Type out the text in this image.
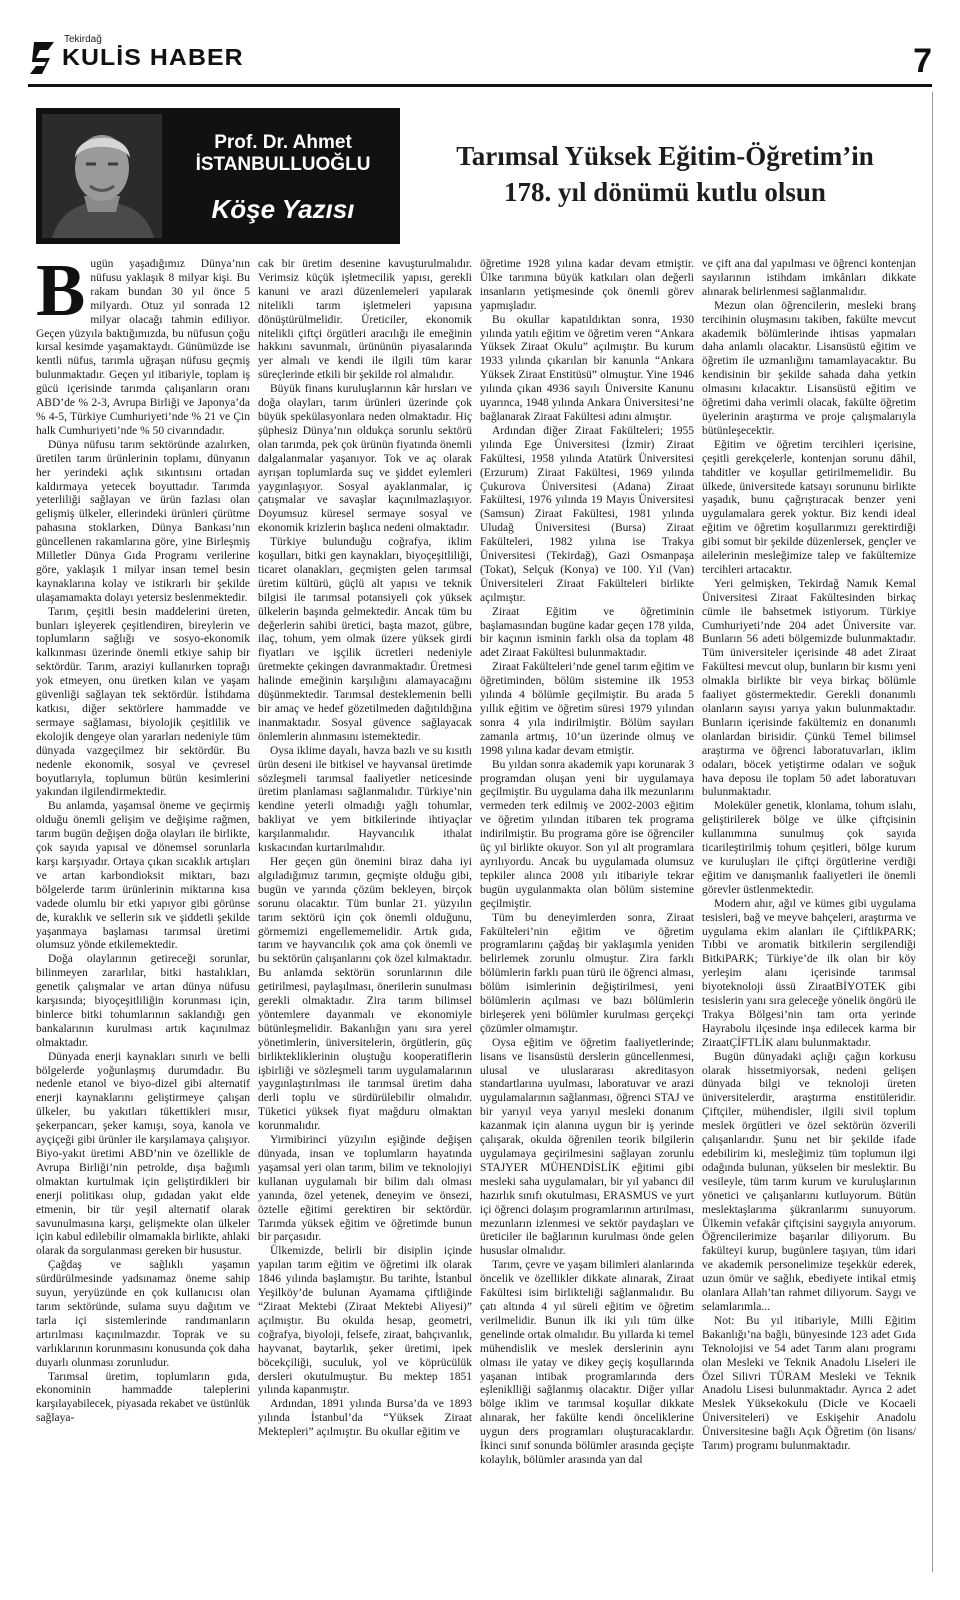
Tekirdağ
KULİS HABER	7
Prof. Dr. Ahmet
İSTANBULLUOĞLU
Köşe Yazısı
Tarımsal Yüksek Eğitim-Öğretim’in
178. yıl dönümü kutlu olsun

Bugün yaşadığımız Dünya’nın nüfusu yaklaşık 8 milyar kişi. Bu rakam bundan 30 yıl önce 5 milyardı. Otuz yıl sonrada 12 milyar olacağı tahmin ediliyor. Geçen yüzyıla baktığımızda, bu nüfusun çoğu kırsal kesimde yaşamaktaydı. Günümüzde ise kentli nüfus, tarımla uğraşan nüfusu geçmiş bulunmaktadır. Geçen yıl itibariyle, toplam iş gücü içerisinde tarımda çalışanların oranı ABD’de % 2-3, Avrupa Birliği ve Japonya’da % 4-5, Türkiye Cumhuriyeti’nde % 21 ve Çin halk Cumhuriyeti’nde % 50 civarındadır.

Dünya nüfusu tarım sektöründe azalırken, üretilen tarım ürünlerinin toplamı, dünyanın her yerindeki açlık sıkıntısını ortadan kaldırmaya yetecek boyuttadır. Tarımda yeterliliği sağlayan ve ürün fazlası olan gelişmiş ülkeler, ellerindeki ürünleri çürütme pahasına stoklarken, Dünya Bankası’nın güncellenen rakamlarına göre, yine Birleşmiş Milletler Dünya Gıda Programı verilerine göre, yaklaşık 1 milyar insan temel besin kaynaklarına kolay ve istikrarlı bir şekilde ulaşamamakta dolayı yetersiz beslenmektedir.

Tarım, çeşitli besin maddelerini üreten, bunları işleyerek çeşitlendiren, bireylerin ve toplumların sağlığı ve sosyo-ekonomik kalkınması üzerinde önemli etkiye sahip bir sektördür. Tarım, araziyi kullanırken toprağı yok etmeyen, onu üretken kılan ve yaşam güvenliği sağlayan tek sektördür. İstihdama katkısı, diğer sektörlere hammadde ve sermaye sağlaması, biyolojik çeşitlilik ve ekolojik dengeye olan yararları nedeniyle tüm dünyada vazgeçilmez bir sektördür. Bu nedenle ekonomik, sosyal ve çevresel boyutlarıyla, toplumun bütün kesimlerini yakından ilgilendirmektedir.

Bu anlamda, yaşamsal öneme ve geçirmiş olduğu önemli gelişim ve değişime rağmen, tarım bugün değişen doğa olayları ile birlikte, çok sayıda yapısal ve dönemsel sorunlarla karşı karşıyadır. Ortaya çıkan sıcaklık artışları ve artan karbondioksit miktarı, bazı bölgelerde tarım ürünlerinin miktarına kısa vadede olumlu bir etki yapıyor gibi görünse de, kuraklık ve sellerin sık ve şiddetli şekilde yaşanmaya başlaması tarımsal üretimi olumsuz yönde etkilemektedir.

Doğa olaylarının getireceği sorunlar, bilinmeyen zararlılar, bitki hastalıkları, genetik çalışmalar ve artan dünya nüfusu karşısında; biyoçeşitliliğin korunması için, binlerce bitki tohumlarının saklandığı gen bankalarının kurulması artık kaçınılmaz olmaktadır.

Dünyada enerji kaynakları sınırlı ve belli bölgelerde yoğunlaşmış durumdadır. Bu nedenle etanol ve biyo-dizel gibi alternatif enerji kaynaklarını geliştirmeye çalışan ülkeler, bu yakıtları tükettikleri mısır, şekerpancarı, şeker kamışı, soya, kanola ve ayçiçeği gibi ürünler ile karşılamaya çalışıyor. Biyo-yakıt üretimi ABD’nin ve özellikle de Avrupa Birliği’nin petrolde, dışa bağımlı olmaktan kurtulmak için geliştirdikleri bir enerji politikası olup, gıdadan yakıt elde etmenin, bir tür yeşil alternatif olarak savunulmasına karşı, gelişmekte olan ülkeler için kabul edilebilir olmamakla birlikte, ahlaki olarak da sorgulanması gereken bir husustur.

Çağdaş ve sağlıklı yaşamın sürdürülmesinde yadsınamaz öneme sahip suyun, yeryüzünde en çok kullanıcısı olan tarım sektöründe, sulama suyu dağıtım ve tarla içi sistemlerinde randımanların artırılması kaçınılmazdır. Toprak ve su varlıklarının korunmasını konusunda çok daha duyarlı olunması zorunludur.

Tarımsal üretim, toplumların gıda, ekonominin hammadde taleplerini karşılayabilecek, piyasada rekabet ve üstünlük sağlaya-

cak bir üretim desenine kavuşturulmalıdır. Verimsiz küçük işletmecilik yapısı, gerekli kanuni ve arazi düzenlemeleri yapılarak nitelikli tarım işletmeleri yapısına dönüştürülmelidir. Üreticiler, ekonomik nitelikli çiftçi örgütleri aracılığı ile emeğinin hakkını savunmalı, ürününün piyasalarında yer almalı ve kendi ile ilgili tüm karar süreçlerinde etkili bir şekilde rol almalıdır.

Büyük finans kuruluşlarının kâr hırsları ve doğa olayları, tarım ürünleri üzerinde çok büyük spekülasyonlara neden olmaktadır. Hiç şüphesiz Dünya’nın oldukça sorunlu sektörü olan tarımda, pek çok ürünün fiyatında önemli dalgalanmalar yaşanıyor. Tok ve aç olarak ayrışan toplumlarda suç ve şiddet eylemleri yaygınlaşıyor. Sosyal ayaklanmalar, iç çatışmalar ve savaşlar kaçınılmazlaşıyor. Doyumsuz küresel sermaye sosyal ve ekonomik krizlerin başlıca nedeni olmaktadır.

Türkiye bulunduğu coğrafya, iklim koşulları, bitki gen kaynakları, biyoçeşitliliği, ticaret olanakları, geçmişten gelen tarımsal üretim kültürü, güçlü alt yapısı ve teknik bilgisi ile tarımsal potansiyeli çok yüksek ülkelerin başında gelmektedir. Ancak tüm bu değerlerin sahibi üretici, başta mazot, gübre, ilaç, tohum, yem olmak üzere yüksek girdi fiyatları ve işçilik ücretleri nedeniyle üretmekte çekingen davranmaktadır. Üretmesi halinde emeğinin karşılığını alamayacağını düşünmektedir. Tarımsal desteklemenin belli bir amaç ve hedef gözetilmeden dağıtıldığına inanmaktadır. Sosyal güvence sağlayacak önlemlerin alınmasını istemektedir.

Oysa iklime dayalı, havza bazlı ve su kısıtlı ürün deseni ile bitkisel ve hayvansal üretimde sözleşmeli tarımsal faaliyetler neticesinde üretim planlaması sağlanmalıdır. Türkiye’nin kendine yeterli olmadığı yağlı tohumlar, bakliyat ve yem bitkilerinde ihtiyaçlar karşılanmalıdır. Hayvancılık ithalat kıskacından kurtarılmalıdır.

Her geçen gün önemini biraz daha iyi algıladığımız tarımın, geçmişte olduğu gibi, bugün ve yarında çözüm bekleyen, birçok sorunu olacaktır. Tüm bunlar 21. yüzyılın tarım sektörü için çok önemli olduğunu, görmemizi engellememelidir. Artık gıda, tarım ve hayvancılık çok ama çok önemli ve bu sektörün çalışanlarını çok özel kılmaktadır. Bu anlamda sektörün sorunlarının dile getirilmesi, paylaşılması, önerilerin sunulması gerekli olmaktadır. Zira tarım bilimsel yöntemlere dayanmalı ve ekonomiyle bütünleşmelidir. Bakanlığın yanı sıra yerel yönetimlerin, üniversitelerin, örgütlerin, güç birliktekliklerinin oluştuğu kooperatiflerin işbirliği ve sözleşmeli tarım uygulamalarının yaygınlaştırılması ile tarımsal üretim daha derli toplu ve sürdürülebilir olmalıdır. Tüketici yüksek fiyat mağduru olmaktan korunmalıdır.

Yirmibirinci yüzyılın eşiğinde değişen dünyada, insan ve toplumların hayatında yaşamsal yeri olan tarım, bilim ve teknolojiyi kullanan uygulamalı bir bilim dalı olması yanında, özel yetenek, deneyim ve önsezi, öztelle eğitimi gerektiren bir sektördür. Tarımda yüksek eğitim ve öğretimde bunun bir parçasıdır.

Ülkemizde, belirli bir disiplin içinde yapılan tarım eğitim ve öğretimi ilk olarak 1846 yılında başlamıştır. Bu tarihte, İstanbul Yeşilköy’de bulunan Ayamama çiftliğinde “Ziraat Mektebi (Ziraat Mektebi Aliyesi)” açılmıştır. Bu okulda hesap, geometri, coğrafya, biyoloji, felsefe, ziraat, bahçıvanlık, hayvanat, baytarlık, şeker üretimi, ipek böcekçiliği, suculuk, yol ve köprücülük dersleri okutulmuştur. Bu mektep 1851 yılında kapanmıştır.

Ardından, 1891 yılında Bursa’da ve 1893 yılında İstanbul’da “Yüksek Ziraat Mektepleri” açılmıştır. Bu okullar eğitim ve

öğretime 1928 yılına kadar devam etmiştir. Ülke tarımına büyük katkıları olan değerli insanların yetişmesinde çok önemli görev yapmışladır.

Bu okullar kapatıldıktan sonra, 1930 yılında yatılı eğitim ve öğretim veren “Ankara Yüksek Ziraat Okulu” açılmıştır. Bu kurum 1933 yılında çıkarılan bir kanunla “Ankara Yüksek Ziraat Enstitüsü” olmuştur. Yine 1946 yılında çıkan 4936 sayılı Üniversite Kanunu uyarınca, 1948 yılında Ankara Üniversitesi’ne bağlanarak Ziraat Fakültesi adını almıştır.

Ardından diğer Ziraat Fakülteleri; 1955 yılında Ege Üniversitesi (İzmir) Ziraat Fakültesi, 1958 yılında Atatürk Üniversitesi (Erzurum) Ziraat Fakültesi, 1969 yılında Çukurova Üniversitesi (Adana) Ziraat Fakültesi, 1976 yılında 19 Mayıs Üniversitesi (Samsun) Ziraat Fakültesi, 1981 yılında Uludağ Üniversitesi (Bursa) Ziraat Fakülteleri, 1982 yılına ise Trakya Üniversitesi (Tekirdağ), Gazi Osmanpaşa (Tokat), Selçuk (Konya) ve 100. Yıl (Van) Üniversiteleri Ziraat Fakülteleri birlikte açılmıştır.

Ziraat Eğitim ve öğretiminin başlamasından bugüne kadar geçen 178 yılda, bir kaçının isminin farklı olsa da toplam 48 adet Ziraat Fakültesi bulunmaktadır.

Ziraat Fakülteleri’nde genel tarım eğitim ve öğretiminden, bölüm sistemine ilk 1953 yılında 4 bölümle geçilmiştir. Bu arada 5 yıllık eğitim ve öğretim süresi 1979 yılından sonra 4 yıla indirilmiştir. Bölüm sayıları zamanla artmış, 10’un üzerinde olmuş ve 1998 yılına kadar devam etmiştir.

Bu yıldan sonra akademik yapı korunarak 3 programdan oluşan yeni bir uygulamaya geçilmiştir. Bu uygulama daha ilk mezunlarını vermeden terk edilmiş ve 2002-2003 eğitim ve öğretim yılından itibaren tek programa indirilmiştir. Bu programa göre ise öğrenciler üç yıl birlikte okuyor. Son yıl alt programlara ayrılıyordu. Ancak bu uygulamada olumsuz tepkiler alınca 2008 yılı itibariyle tekrar bugün uygulanmakta olan bölüm sistemine geçilmiştir.

Tüm bu deneyimlerden sonra, Ziraat Fakülteleri’nin eğitim ve öğretim programlarını çağdaş bir yaklaşımla yeniden belirlemek zorunlu olmuştur. Zira farklı bölümlerin farklı puan türü ile öğrenci alması, bölüm isimlerinin değiştirilmesi, yeni bölümlerin açılması ve bazı bölümlerin birleşerek yeni bölümler kurulması gerçekçi çözümler olmamıştır.

Oysa eğitim ve öğretim faaliyetlerinde; lisans ve lisansüstü derslerin güncellenmesi, ulusal ve uluslararası akreditasyon standartlarına uyulması, laboratuvar ve arazi uygulamalarının sağlanması, öğrenci STAJ ve bir yarıyıl veya yarıyıl mesleki donanım kazanmak için alanına uygun bir iş yerinde çalışarak, okulda öğrenilen teorik bilgilerin uygulamaya geçirilmesini sağlayan zorunlu STAJYER MÜHENDİSLİK eğitimi gibi mesleki saha uygulamaları, bir yıl yabancı dil hazırlık sınıfı okutulması, ERASMUS ve yurt içi öğrenci dolaşım programlarının artırılması, mezunların izlenmesi ve sektör paydaşları ve üreticiler ile bağlarının kurulması önde gelen hususlar olmalıdır.

Tarım, çevre ve yaşam bilimleri alanlarında öncelik ve özellikler dikkate alınarak, Ziraat Fakültesi isim birlikteliği sağlanmalıdır. Bu çatı altında 4 yıl süreli eğitim ve öğretim verilmelidir. Bunun ilk iki yılı tüm ülke genelinde ortak olmalıdır. Bu yıllarda ki temel mühendislik ve meslek derslerinin aynı olması ile yatay ve dikey geçiş koşullarında yaşanan intibak programlarında ders eşleniklliği sağlanmış olacaktır. Diğer yıllar bölge iklim ve tarımsal koşullar dikkate alınarak, her fakülte kendi önceliklerine uygun ders programları oluşturacaklardır. İkinci sınıf sonunda bölümler arasında geçişte kolaylık, bölümler arasında yan dal

ve çift ana dal yapılması ve öğrenci kontenjan sayılarının istihdam imkânları dikkate alınarak belirlenmesi sağlanmalıdır.

Mezun olan öğrencilerin, mesleki branş tercihinin oluşmasını takiben, fakülte mevcut akademik bölümlerinde ihtisas yapmaları daha anlamlı olacaktır. Lisansüstü eğitim ve öğretim ile uzmanlığını tamamlayacaktır. Bu kendisinin bir şekilde sahada daha yetkin olmasını kılacaktır. Lisansüstü eğitim ve öğretimi daha verimli olacak, fakülte öğretim üyelerinin araştırma ve proje çalışmalarıyla bütünleşecektir.

Eğitim ve öğretim tercihleri içerisine, çeşitli gerekçelerle, kontenjan sorunu dâhil, tahditler ve koşullar getirilmemelidir. Bu ülkede, üniversitede katsayı sorununu birlikte yaşadık, bunu çağrıştıracak benzer yeni uygulamalara gerek yoktur. Biz kendi ideal eğitim ve öğretim koşullarımızı gerektirdiği gibi somut bir şekilde düzenlersek, gençler ve ailelerinin mesleğimize talep ve fakültemize tercihleri artacaktır.

Yeri gelmişken, Tekirdağ Namık Kemal Üniversitesi Ziraat Fakültesinden birkaç cümle ile bahsetmek istiyorum. Türkiye Cumhuriyeti’nde 204 adet Üniversite var. Bunların 56 adeti bölgemizde bulunmaktadır. Tüm üniversiteler içerisinde 48 adet Ziraat Fakültesi mevcut olup, bunların bir kısmı yeni olmakla birlikte bir veya birkaç bölümle faaliyet göstermektedir. Gerekli donanımlı olanların sayısı yarıya yakın bulunmaktadır. Bunların içerisinde fakültemiz en donanımlı olanlardan birisidir. Çünkü Temel bilimsel araştırma ve öğrenci laboratuvarları, iklim odaları, böcek yetiştirme odaları ve soğuk hava deposu ile toplam 50 adet laboratuvarı bulunmaktadır.

Moleküler genetik, klonlama, tohum ıslahı, geliştirilerek bölge ve ülke çiftçisinin kullanımına sunulmuş çok sayıda ticarileştirilmiş tohum çeşitleri, bölge kurum ve kuruluşları ile çiftçi örgütlerine verdiği eğitim ve danışmanlık faaliyetleri ile önemli görevler üstlenmektedir.

Modern ahır, ağıl ve kümes gibi uygulama tesisleri, bağ ve meyve bahçeleri, araştırma ve uygulama ekim alanları ile ÇiftlikPARK; Tıbbi ve aromatik bitkilerin sergilendiği BitkiPARK; Türkiye’de ilk olan bir köy yerleşim alanı içerisinde tarımsal biyoteknoloji üssü ZiraatBİYOTEK gibi tesislerin yanı sıra geleceğe yönelik öngörü ile Trakya Bölgesi’nin tam orta yerinde Hayrabolu ilçesinde inşa edilecek karma bir ZiraatÇİFTLİK alanı bulunmaktadır.

Bugün dünyadaki açlığı çağın korkusu olarak hissetmiyorsak, nedeni gelişen dünyada bilgi ve teknoloji üreten üniversitelerdir, araştırma enstitüleridir. Çiftçiler, mühendisler, ilgili sivil toplum meslek örgütleri ve özel sektörün özverili çalışanlarıdır. Şunu net bir şekilde ifade edebilirim ki, mesleğimiz tüm toplumun ilgi odağında bulunan, yükselen bir meslektir. Bu vesileyle, tüm tarım kurum ve kuruluşlarının yönetici ve çalışanlarını kutluyorum. Bütün meslektaşlarıma şükranlarımı sunuyorum. Ülkemin vefakâr çiftçisini saygıyla anıyorum. Öğrencilerimize başarılar diliyorum. Bu fakülteyi kurup, bugünlere taşıyan, tüm idari ve akademik personelimize teşekkür ederek, uzun ömür ve sağlık, ebediyete intikal etmiş olanlara Allah’tan rahmet diliyorum. Saygı ve selamlarımla...

Not: Bu yıl itibariyle, Milli Eğitim Bakanlığı’na bağlı, bünyesinde 123 adet Gıda Teknolojisi ve 54 adet Tarım alanı programı olan Mesleki ve Teknik Anadolu Liseleri ile Özel Silivri TÜRAM Mesleki ve Teknik Anadolu Lisesi bulunmaktadır. Ayrıca 2 adet Meslek Yüksekokulu (Dicle ve Kocaeli Üniversiteleri) ve Eskişehir Anadolu Üniversitesine bağlı Açık Öğretim (ön lisans/ Tarım) programı bulunmaktadır.
